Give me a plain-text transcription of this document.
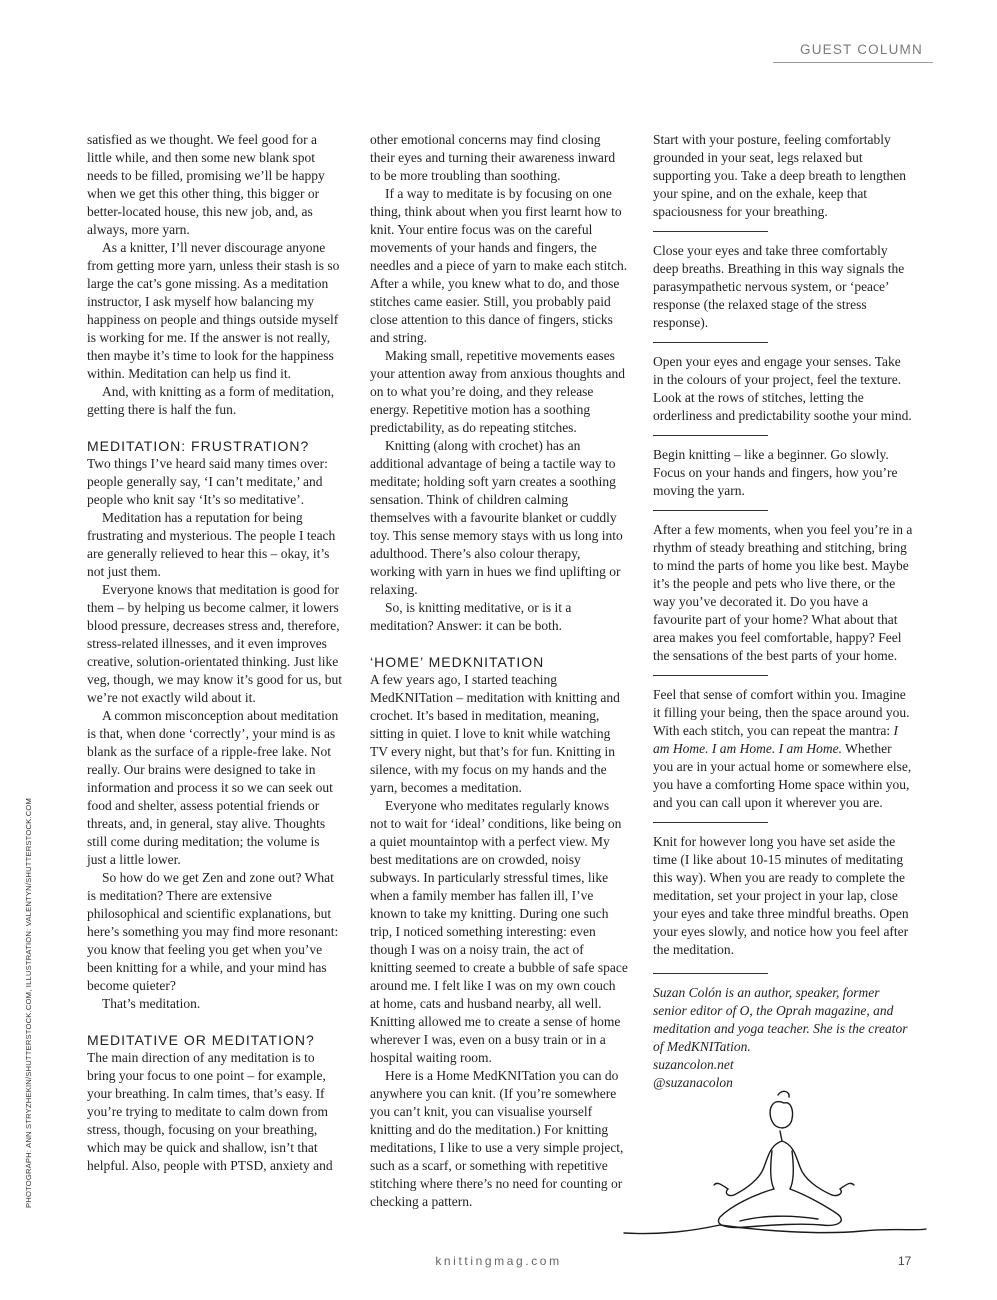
GUEST COLUMN
PHOTOGRAPH: ANN STRYZHEKIN/SHUTTERSTOCK.COM, ILLUSTRATION: VALENTYN/SHUTTERSTOCK.COM

satisfied as we thought. We feel good for a little while, and then some new blank spot needs to be filled, promising we’ll be happy when we get this other thing, this bigger or better-located house, this new job, and, as always, more yarn.

As a knitter, I’ll never discourage anyone from getting more yarn, unless their stash is so large the cat’s gone missing. As a meditation instructor, I ask myself how balancing my happiness on people and things outside myself is working for me. If the answer is not really, then maybe it’s time to look for the happiness within. Meditation can help us find it.

And, with knitting as a form of meditation, getting there is half the fun.

MEDITATION: FRUSTRATION?

Two things I’ve heard said many times over: people generally say, ‘I can’t meditate,’ and people who knit say ‘It’s so meditative’.

Meditation has a reputation for being frustrating and mysterious. The people I teach are generally relieved to hear this – okay, it’s not just them.

Everyone knows that meditation is good for them – by helping us become calmer, it lowers blood pressure, decreases stress and, therefore, stress-related illnesses, and it even improves creative, solution-orientated thinking. Just like veg, though, we may know it’s good for us, but we’re not exactly wild about it.

A common misconception about meditation is that, when done ‘correctly’, your mind is as blank as the surface of a ripple-free lake. Not really. Our brains were designed to take in information and process it so we can seek out food and shelter, assess potential friends or threats, and, in general, stay alive. Thoughts still come during meditation; the volume is just a little lower.

So how do we get Zen and zone out? What is meditation? There are extensive philosophical and scientific explanations, but here’s something you may find more resonant: you know that feeling you get when you’ve been knitting for a while, and your mind has become quieter?

That’s meditation.

MEDITATIVE OR MEDITATION?

The main direction of any meditation is to bring your focus to one point – for example, your breathing. In calm times, that’s easy. If you’re trying to meditate to calm down from stress, though, focusing on your breathing, which may be quick and shallow, isn’t that helpful. Also, people with PTSD, anxiety and

other emotional concerns may find closing their eyes and turning their awareness inward to be more troubling than soothing.

If a way to meditate is by focusing on one thing, think about when you first learnt how to knit. Your entire focus was on the careful movements of your hands and fingers, the needles and a piece of yarn to make each stitch. After a while, you knew what to do, and those stitches came easier. Still, you probably paid close attention to this dance of fingers, sticks and string.

Making small, repetitive movements eases your attention away from anxious thoughts and on to what you’re doing, and they release energy. Repetitive motion has a soothing predictability, as do repeating stitches.

Knitting (along with crochet) has an additional advantage of being a tactile way to meditate; holding soft yarn creates a soothing sensation. Think of children calming themselves with a favourite blanket or cuddly toy. This sense memory stays with us long into adulthood. There’s also colour therapy, working with yarn in hues we find uplifting or relaxing.

So, is knitting meditative, or is it a meditation? Answer: it can be both.

‘HOME’ MEDKNITATION

A few years ago, I started teaching MedKNITation – meditation with knitting and crochet. It’s based in meditation, meaning, sitting in quiet. I love to knit while watching TV every night, but that’s for fun. Knitting in silence, with my focus on my hands and the yarn, becomes a meditation.

Everyone who meditates regularly knows not to wait for ‘ideal’ conditions, like being on a quiet mountaintop with a perfect view. My best meditations are on crowded, noisy subways. In particularly stressful times, like when a family member has fallen ill, I’ve known to take my knitting. During one such trip, I noticed something interesting: even though I was on a noisy train, the act of knitting seemed to create a bubble of safe space around me. I felt like I was on my own couch at home, cats and husband nearby, all well. Knitting allowed me to create a sense of home wherever I was, even on a busy train or in a hospital waiting room.

Here is a Home MedKNITation you can do anywhere you can knit. (If you’re somewhere you can’t knit, you can visualise yourself knitting and do the meditation.) For knitting meditations, I like to use a very simple project, such as a scarf, or something with repetitive stitching where there’s no need for counting or checking a pattern.

Start with your posture, feeling comfortably grounded in your seat, legs relaxed but supporting you. Take a deep breath to lengthen your spine, and on the exhale, keep that spaciousness for your breathing.

Close your eyes and take three comfortably deep breaths. Breathing in this way signals the parasympathetic nervous system, or ‘peace’ response (the relaxed stage of the stress response).

Open your eyes and engage your senses. Take in the colours of your project, feel the texture. Look at the rows of stitches, letting the orderliness and predictability soothe your mind.

Begin knitting – like a beginner. Go slowly. Focus on your hands and fingers, how you’re moving the yarn.

After a few moments, when you feel you’re in a rhythm of steady breathing and stitching, bring to mind the parts of home you like best. Maybe it’s the people and pets who live there, or the way you’ve decorated it. Do you have a favourite part of your home? What about that area makes you feel comfortable, happy? Feel the sensations of the best parts of your home.

Feel that sense of comfort within you. Imagine it filling your being, then the space around you. With each stitch, you can repeat the mantra: I am Home. I am Home. I am Home. Whether you are in your actual home or somewhere else, you have a comforting Home space within you, and you can call upon it wherever you are.

Knit for however long you have set aside the time (I like about 10-15 minutes of meditating this way). When you are ready to complete the meditation, set your project in your lap, close your eyes and take three mindful breaths. Open your eyes slowly, and notice how you feel after the meditation.

Suzan Colón is an author, speaker, former senior editor of O, the Oprah magazine, and meditation and yoga teacher. She is the creator of MedKNITation.

suzancolon.net

@suzanacolon

knittingmag.com	17
